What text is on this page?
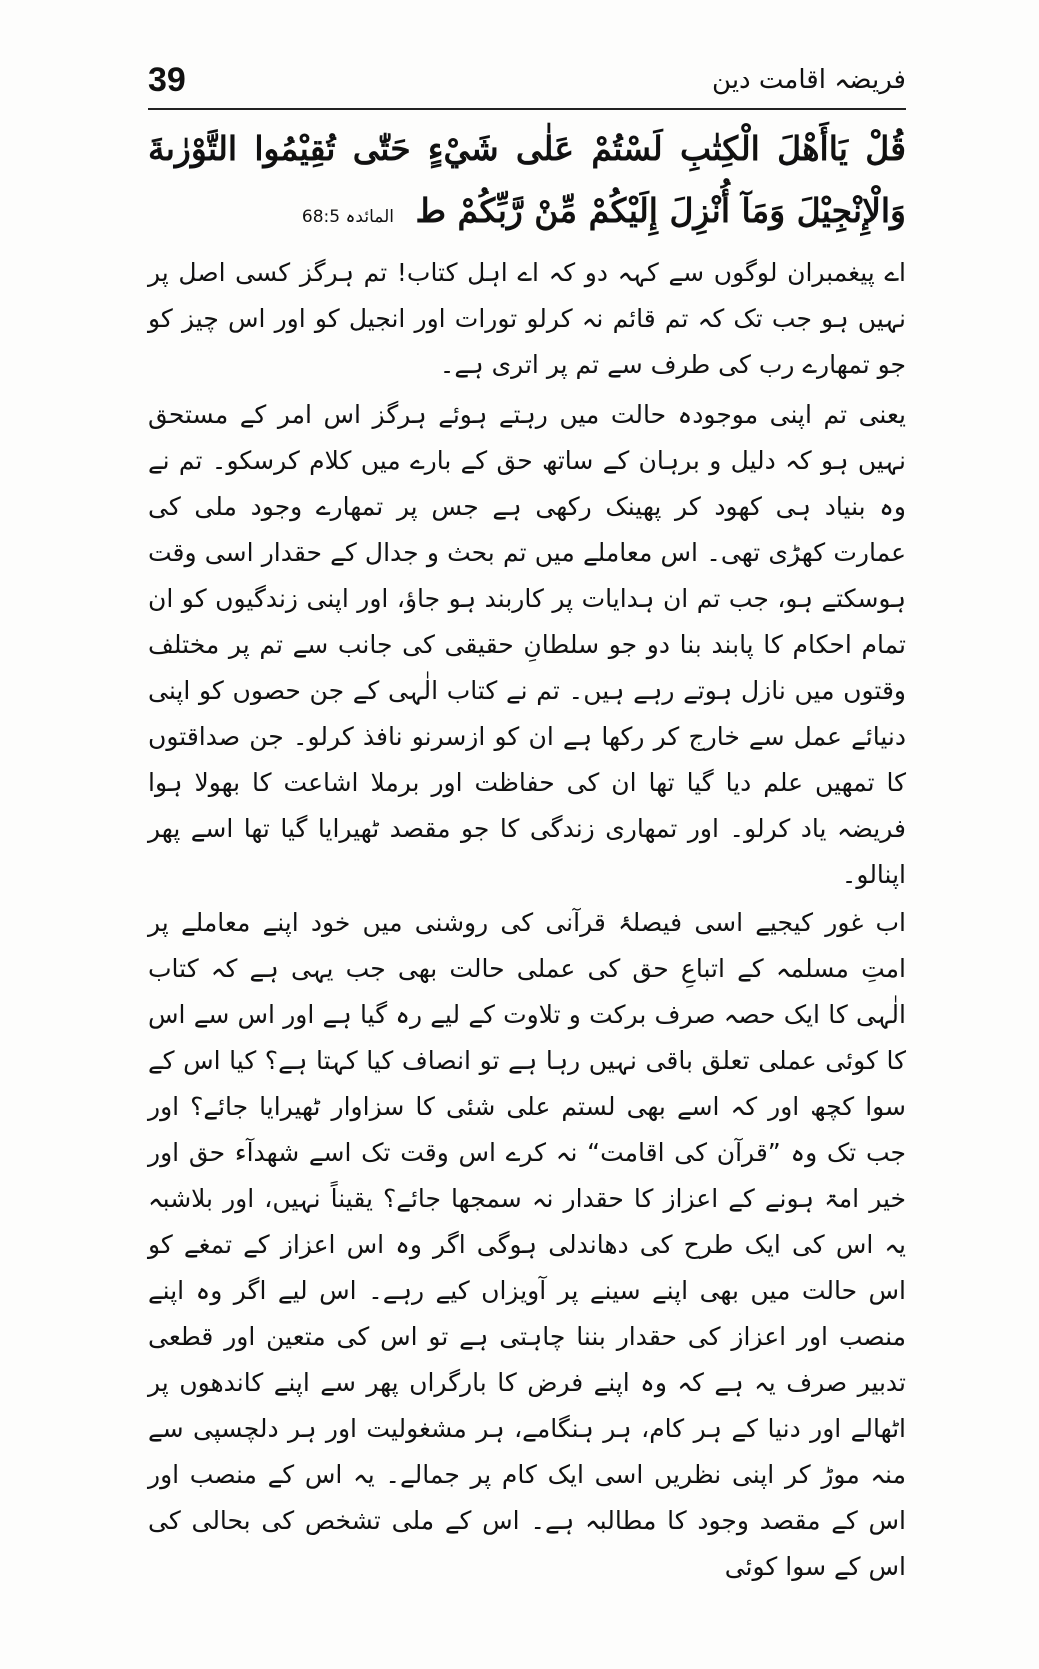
39	فریضہ اقامت دین
قُلْ يَاأَهْلَ الْكِتٰبِ لَسْتُمْ عَلٰى شَيْءٍ حَتّٰى تُقِيْمُوا التَّوْرٰىةَ وَالْإِنْجِيْلَ وَمَآ أُنْزِلَ إِلَيْكُمْ مِّنْ رَّبِّكُمْ ط المائدہ 68:5

اے پیغمبران لوگوں سے کہہ دو کہ اے اہل کتاب! تم ہرگز کسی اصل پر نہیں ہو جب تک کہ تم قائم نہ کرلو تورات اور انجیل کو اور اس چیز کو جو تمھارے رب کی طرف سے تم پر اتری ہے۔

یعنی تم اپنی موجودہ حالت میں رہتے ہوئے ہرگز اس امر کے مستحق نہیں ہو کہ دلیل و برہان کے ساتھ حق کے بارے میں کلام کرسکو۔ تم نے وہ بنیاد ہی کھود کر پھینک رکھی ہے جس پر تمھارے وجود ملی کی عمارت کھڑی تھی۔ اس معاملے میں تم بحث و جدال کے حقدار اسی وقت ہوسکتے ہو، جب تم ان ہدایات پر کاربند ہو جاؤ، اور اپنی زندگیوں کو ان تمام احکام کا پابند بنا دو جو سلطانِ حقیقی کی جانب سے تم پر مختلف وقتوں میں نازل ہوتے رہے ہیں۔ تم نے کتاب الٰہی کے جن حصوں کو اپنی دنیائے عمل سے خارج کر رکھا ہے ان کو ازسرنو نافذ کرلو۔ جن صداقتوں کا تمھیں علم دیا گیا تھا ان کی حفاظت اور برملا اشاعت کا بھولا ہوا فریضہ یاد کرلو۔ اور تمھاری زندگی کا جو مقصد ٹھیرایا گیا تھا اسے پھر اپنالو۔

اب غور کیجیے اسی فیصلۂ قرآنی کی روشنی میں خود اپنے معاملے پر امتِ مسلمہ کے اتباعِ حق کی عملی حالت بھی جب یہی ہے کہ کتاب الٰہی کا ایک حصہ صرف برکت و تلاوت کے لیے رہ گیا ہے اور اس سے اس کا کوئی عملی تعلق باقی نہیں رہا ہے تو انصاف کیا کہتا ہے؟ کیا اس کے سوا کچھ اور کہ اسے بھی لستم علی شئی کا سزاوار ٹھیرایا جائے؟ اور جب تک وہ ”قرآن کی اقامت“ نہ کرے اس وقت تک اسے شھدآء حق اور خیر امۃ ہونے کے اعزاز کا حقدار نہ سمجھا جائے؟ یقیناً نہیں، اور بلاشبہ یہ اس کی ایک طرح کی دھاندلی ہوگی اگر وہ اس اعزاز کے تمغے کو اس حالت میں بھی اپنے سینے پر آویزاں کیے رہے۔ اس لیے اگر وہ اپنے منصب اور اعزاز کی حقدار بننا چاہتی ہے تو اس کی متعین اور قطعی تدبیر صرف یہ ہے کہ وہ اپنے فرض کا بارگراں پھر سے اپنے کاندھوں پر اٹھالے اور دنیا کے ہر کام، ہر ہنگامے، ہر مشغولیت اور ہر دلچسپی سے منہ موڑ کر اپنی نظریں اسی ایک کام پر جمالے۔ یہ اس کے منصب اور اس کے مقصد وجود کا مطالبہ ہے۔ اس کے ملی تشخص کی بحالی کی اس کے سوا کوئی
